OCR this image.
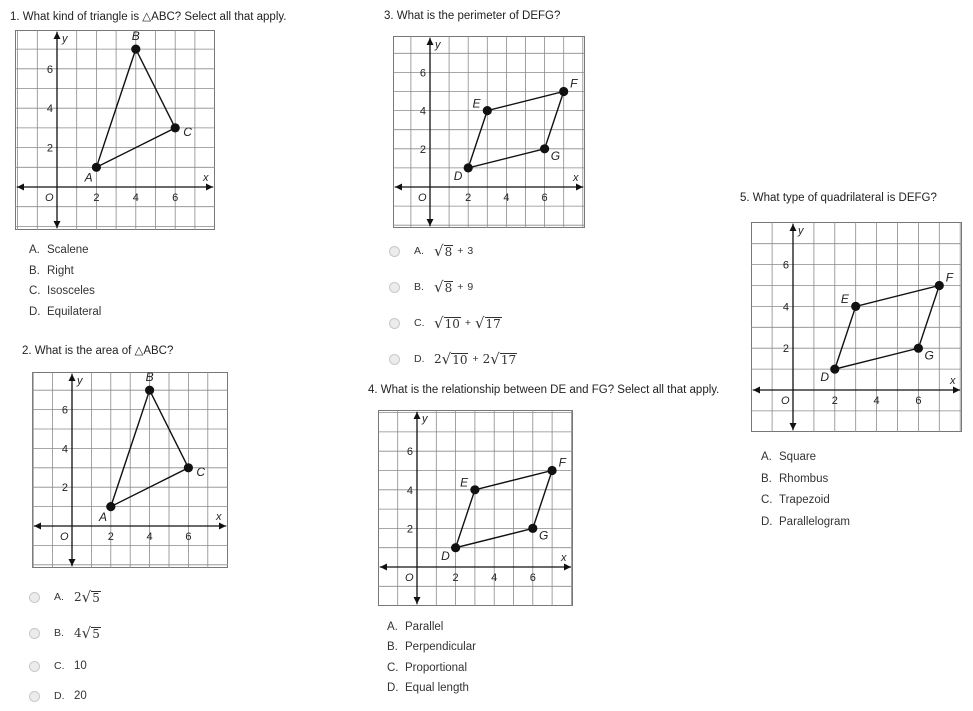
1. What kind of triangle is △ABC? Select all that apply.
x
y
O	2	4	6
2
4
6
A
B
C
A. Scalene
B. Right
C. Isosceles
D. Equilateral
2. What is the area of △ABC?
x
y
O	2	4	6
2
4
6
A
B
C
A. 2 √ 5
B. 4 √ 5
C. 10
D. 20
3. What is the perimeter of DEFG?
x
y
O	2	4	6
2
4
6
D
E
F
G
A. √ 8 + 3
B. √ 8 + 9
C. √ 10 + √ 17
D. 2 √ 10 + 2 √ 17
4. What is the relationship between DE and FG? Select all that apply.
x
y
O	2	4	6
2
4
6
D
E
F
G
A. Parallel
B. Perpendicular
C. Proportional
D. Equal length
5. What type of quadrilateral is DEFG?
x
y
O	2	4	6
2
4
6
D
E
F
G
A. Square
B. Rhombus
C. Trapezoid
D. Parallelogram
